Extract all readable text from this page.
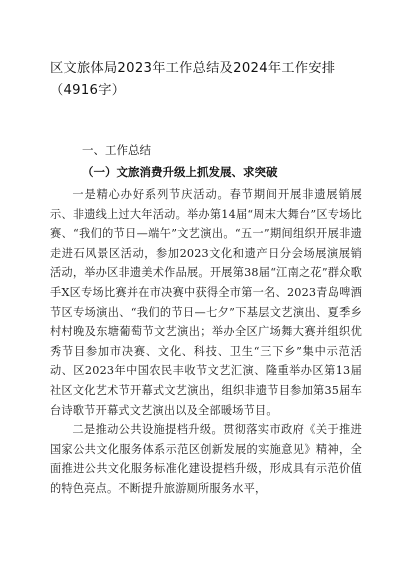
区文旅体局2023年工作总结及2024年工作安排（4916字）
一、工作总结
（一）文旅消费升级上抓发展、求突破

一是精心办好系列节庆活动。春节期间开展非遗展销展示、非遗线上过大年活动。举办第14届“周末大舞台”区专场比赛、“我们的节日—端午”文艺演出。“五一”期间组织开展非遗走进石风景区活动，参加2023文化和遗产日分会场展演展销活动，举办区非遗美术作品展。开展第38届“江南之花”群众歌手X区专场比赛并在市决赛中获得全市第一名、2023青岛啤酒节区专场演出、“我们的节日—七夕”下基层文艺演出、夏季乡村村晚及东塘葡萄节文艺演出；举办全区广场舞大赛并组织优秀节目参加市决赛、文化、科技、卫生“三下乡”集中示范活动、区2023年中国农民丰收节文艺汇演、隆重举办区第13届社区文化艺术节开幕式文艺演出，组织非遗节目参加第35届车台诗歌节开幕式文艺演出以及全部暖场节目。

二是推动公共设施提档升级。贯彻落实市政府《关于推进国家公共文化服务体系示范区创新发展的实施意见》精神，全面推进公共文化服务标准化建设提档升级，形成具有示范价值的特色亮点。不断提升旅游厕所服务水平，
